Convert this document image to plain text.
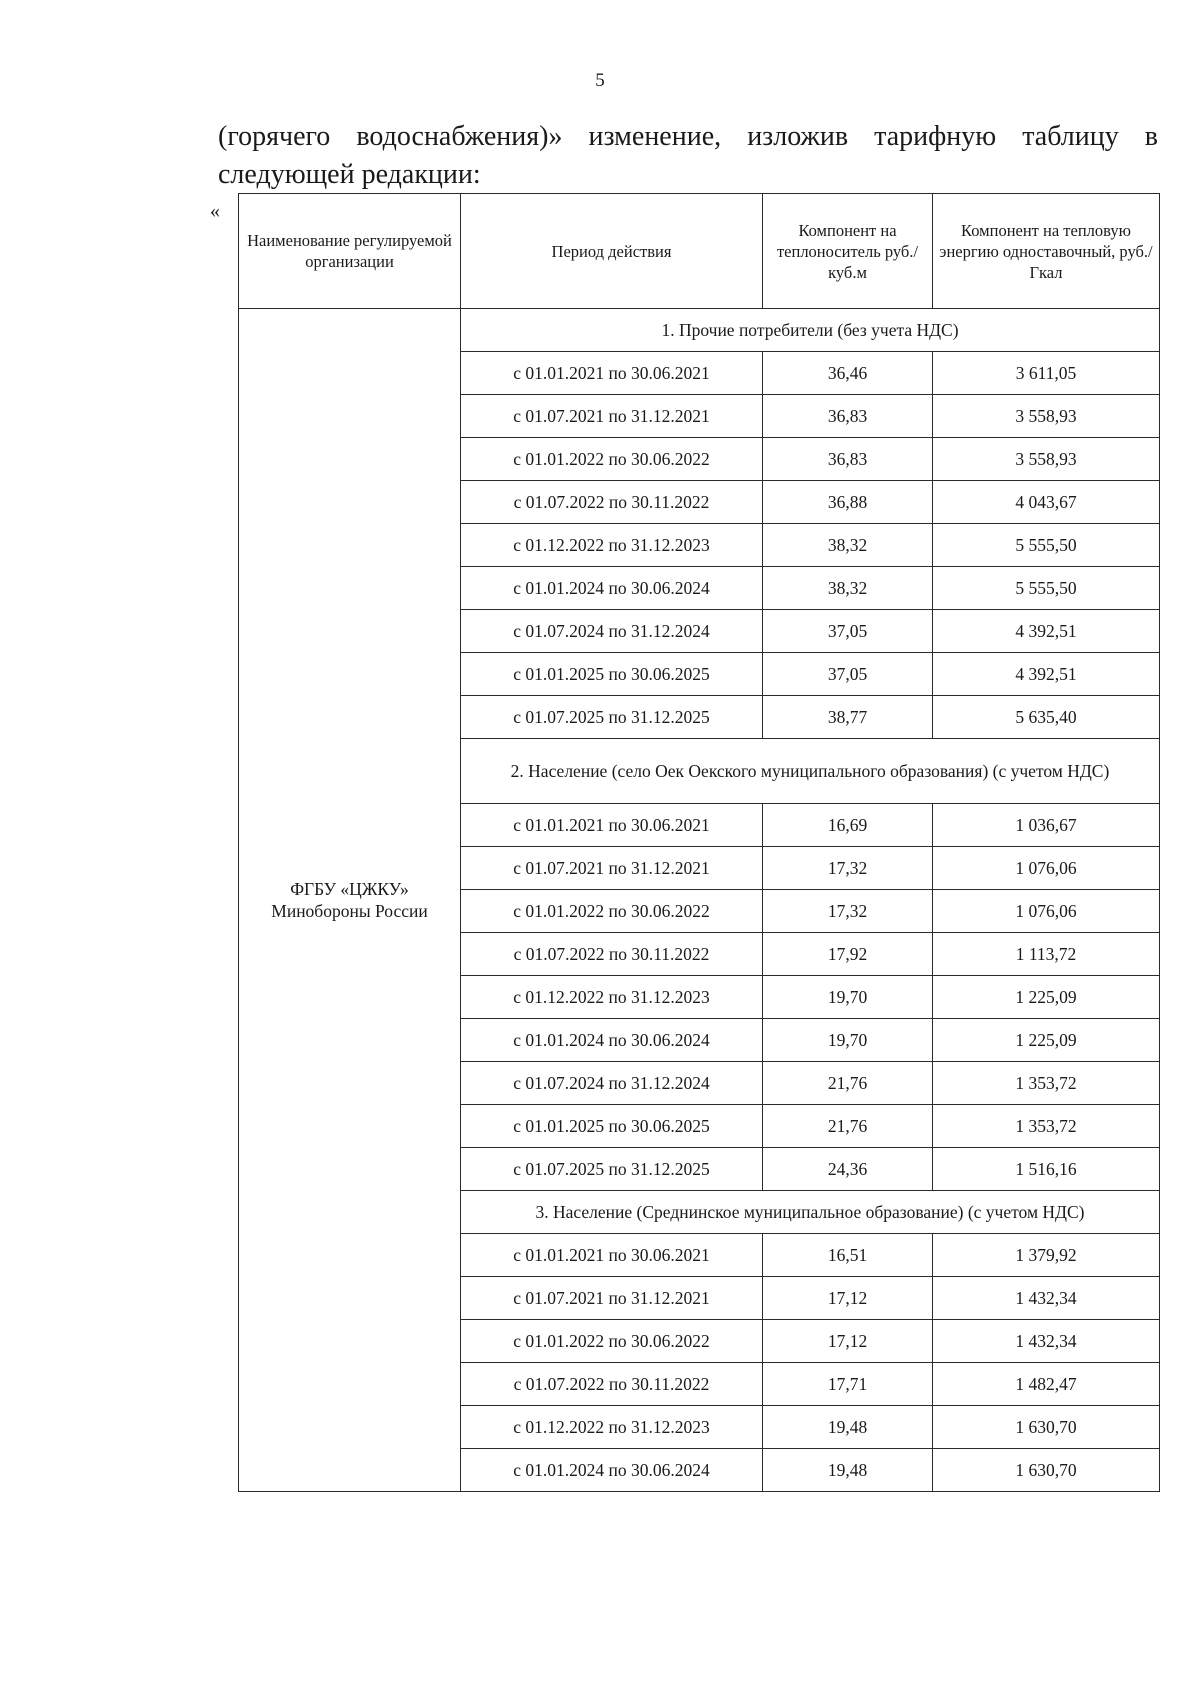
5
(горячего водоснабжения)» изменение, изложив тарифную таблицу в следующей редакции:
«
Наименование регулируемой организации	Период действия	Компонент на теплоноситель руб./куб.м	Компонент на тепловую энергию одноставочный, руб./Гкал
ФГБУ «ЦЖКУ» Минобороны России	1. Прочие потребители (без учета НДС)		
	с 01.01.2021 по 30.06.2021	36,46	3 611,05
	с 01.07.2021 по 31.12.2021	36,83	3 558,93
	с 01.01.2022 по 30.06.2022	36,83	3 558,93
	с 01.07.2022 по 30.11.2022	36,88	4 043,67
	с 01.12.2022 по 31.12.2023	38,32	5 555,50
	с 01.01.2024 по 30.06.2024	38,32	5 555,50
	с 01.07.2024 по 31.12.2024	37,05	4 392,51
	с 01.01.2025 по 30.06.2025	37,05	4 392,51
	с 01.07.2025 по 31.12.2025	38,77	5 635,40
	2. Население (село Оек Оекского муниципального образования) (с учетом НДС)		
	с 01.01.2021 по 30.06.2021	16,69	1 036,67
	с 01.07.2021 по 31.12.2021	17,32	1 076,06
	с 01.01.2022 по 30.06.2022	17,32	1 076,06
	с 01.07.2022 по 30.11.2022	17,92	1 113,72
	с 01.12.2022 по 31.12.2023	19,70	1 225,09
	с 01.01.2024 по 30.06.2024	19,70	1 225,09
	с 01.07.2024 по 31.12.2024	21,76	1 353,72
	с 01.01.2025 по 30.06.2025	21,76	1 353,72
	с 01.07.2025 по 31.12.2025	24,36	1 516,16
	3. Население (Среднинское муниципальное образование) (с учетом НДС)		
	с 01.01.2021 по 30.06.2021	16,51	1 379,92
	с 01.07.2021 по 31.12.2021	17,12	1 432,34
	с 01.01.2022 по 30.06.2022	17,12	1 432,34
	с 01.07.2022 по 30.11.2022	17,71	1 482,47
	с 01.12.2022 по 31.12.2023	19,48	1 630,70
	с 01.01.2024 по 30.06.2024	19,48	1 630,70
